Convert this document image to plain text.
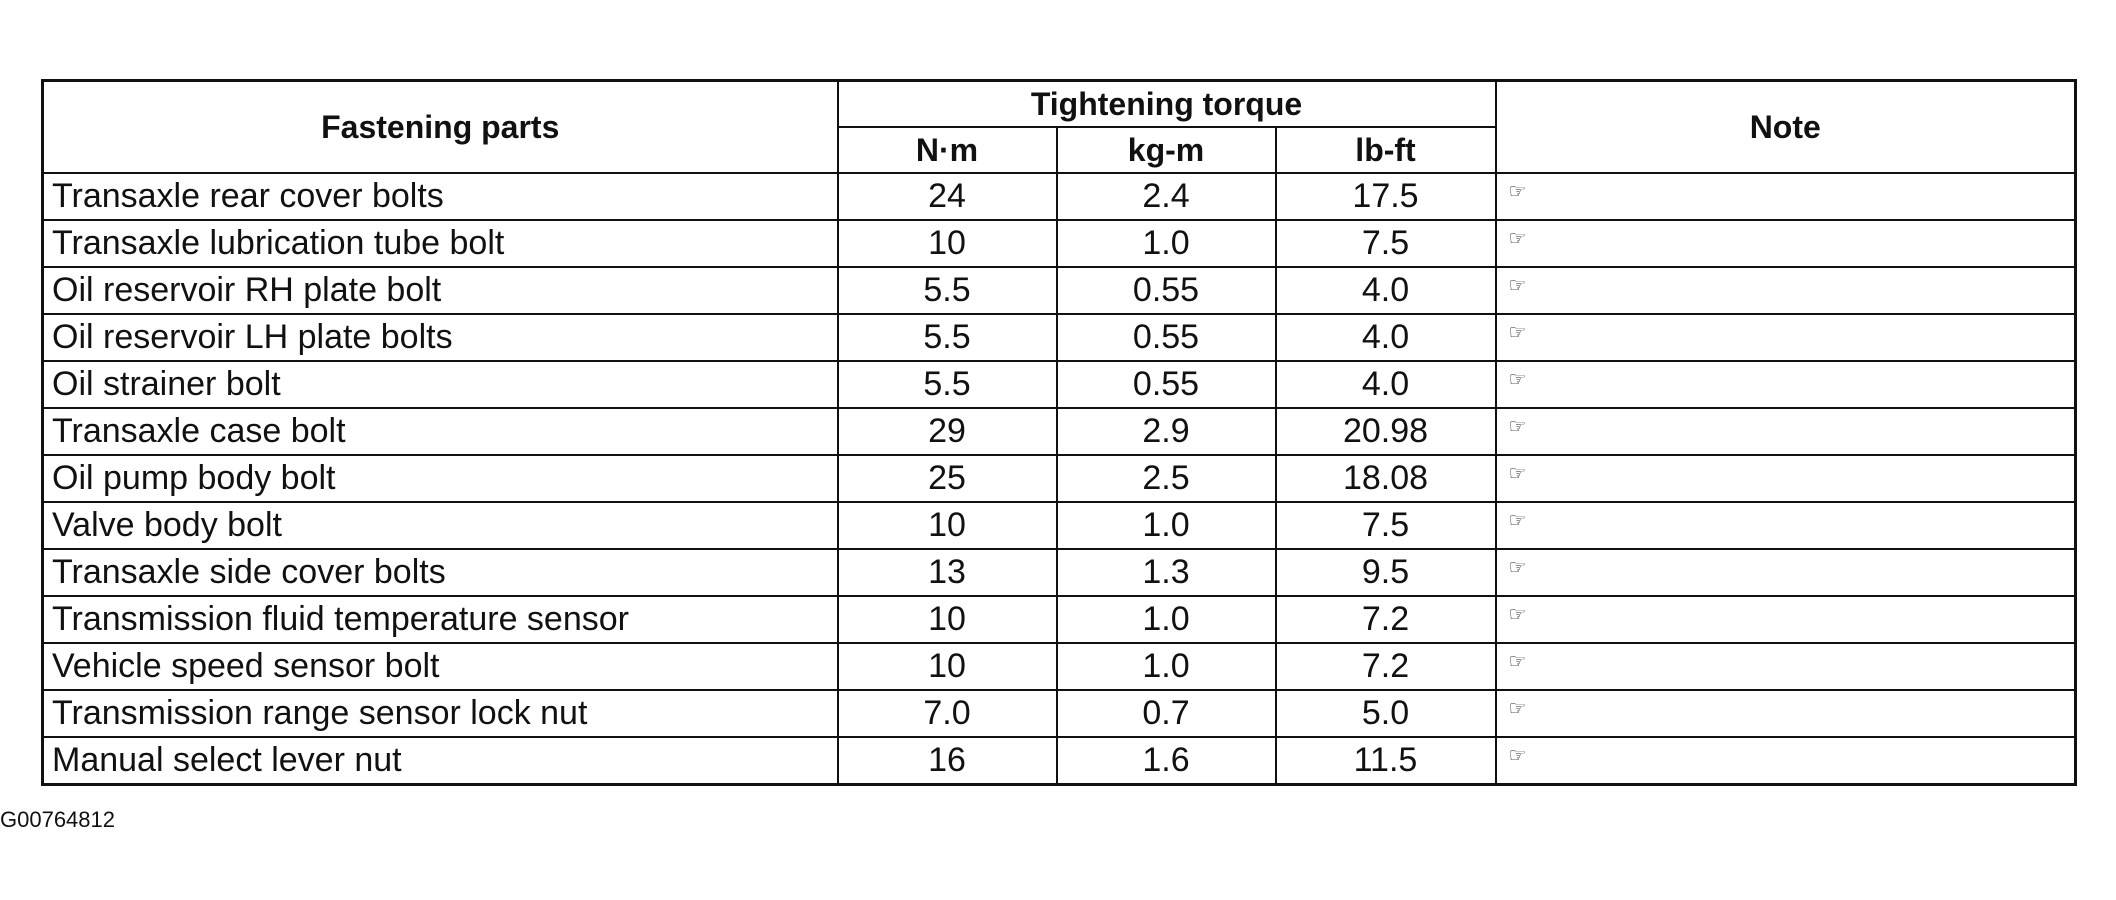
Fastening parts	Tightening torque			Note
	N·m	kg-m	lb-ft	
Transaxle rear cover bolts	24	2.4	17.5	☞
Transaxle lubrication tube bolt	10	1.0	7.5	☞
Oil reservoir RH plate bolt	5.5	0.55	4.0	☞
Oil reservoir LH plate bolts	5.5	0.55	4.0	☞
Oil strainer bolt	5.5	0.55	4.0	☞
Transaxle case bolt	29	2.9	20.98	☞
Oil pump body bolt	25	2.5	18.08	☞
Valve body bolt	10	1.0	7.5	☞
Transaxle side cover bolts	13	1.3	9.5	☞
Transmission fluid temperature sensor	10	1.0	7.2	☞
Vehicle speed sensor bolt	10	1.0	7.2	☞
Transmission range sensor lock nut	7.0	0.7	5.0	☞
Manual select lever nut	16	1.6	11.5	☞
G00764812
